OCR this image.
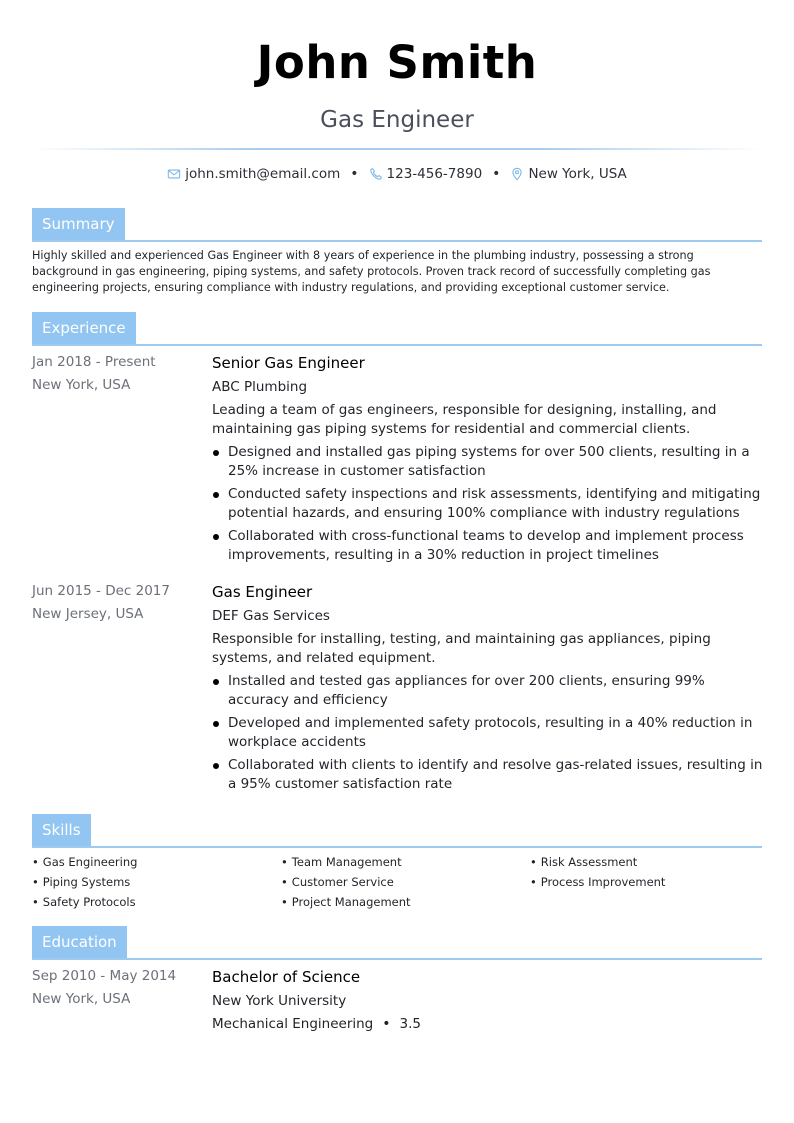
John Smith
Gas Engineer
john.smith@email.com • 123-456-7890 • New York, USA
Summary

Highly skilled and experienced Gas Engineer with 8 years of experience in the plumbing industry, possessing a strong background in gas engineering, piping systems, and safety protocols. Proven track record of successfully completing gas engineering projects, ensuring compliance with industry regulations, and providing exceptional customer service.

Experience
Jan 2018 - Present
New York, USA
Senior Gas Engineer
ABC Plumbing
Leading a team of gas engineers, responsible for designing, installing, and maintaining gas piping systems for residential and commercial clients.
Designed and installed gas piping systems for over 500 clients, resulting in a 25% increase in customer satisfaction
Conducted safety inspections and risk assessments, identifying and mitigating potential hazards, and ensuring 100% compliance with industry regulations
Collaborated with cross-functional teams to develop and implement process improvements, resulting in a 30% reduction in project timelines
Jun 2015 - Dec 2017
New Jersey, USA
Gas Engineer
DEF Gas Services
Responsible for installing, testing, and maintaining gas appliances, piping systems, and related equipment.
Installed and tested gas appliances for over 200 clients, ensuring 99% accuracy and efficiency
Developed and implemented safety protocols, resulting in a 40% reduction in workplace accidents
Collaborated with clients to identify and resolve gas-related issues, resulting in a 95% customer satisfaction rate
Skills
• Gas Engineering	• Team Management	• Risk Assessment
• Piping Systems	• Customer Service	• Process Improvement
• Safety Protocols	• Project Management
Education
Sep 2010 - May 2014
New York, USA
Bachelor of Science
New York University
Mechanical Engineering • 3.5
